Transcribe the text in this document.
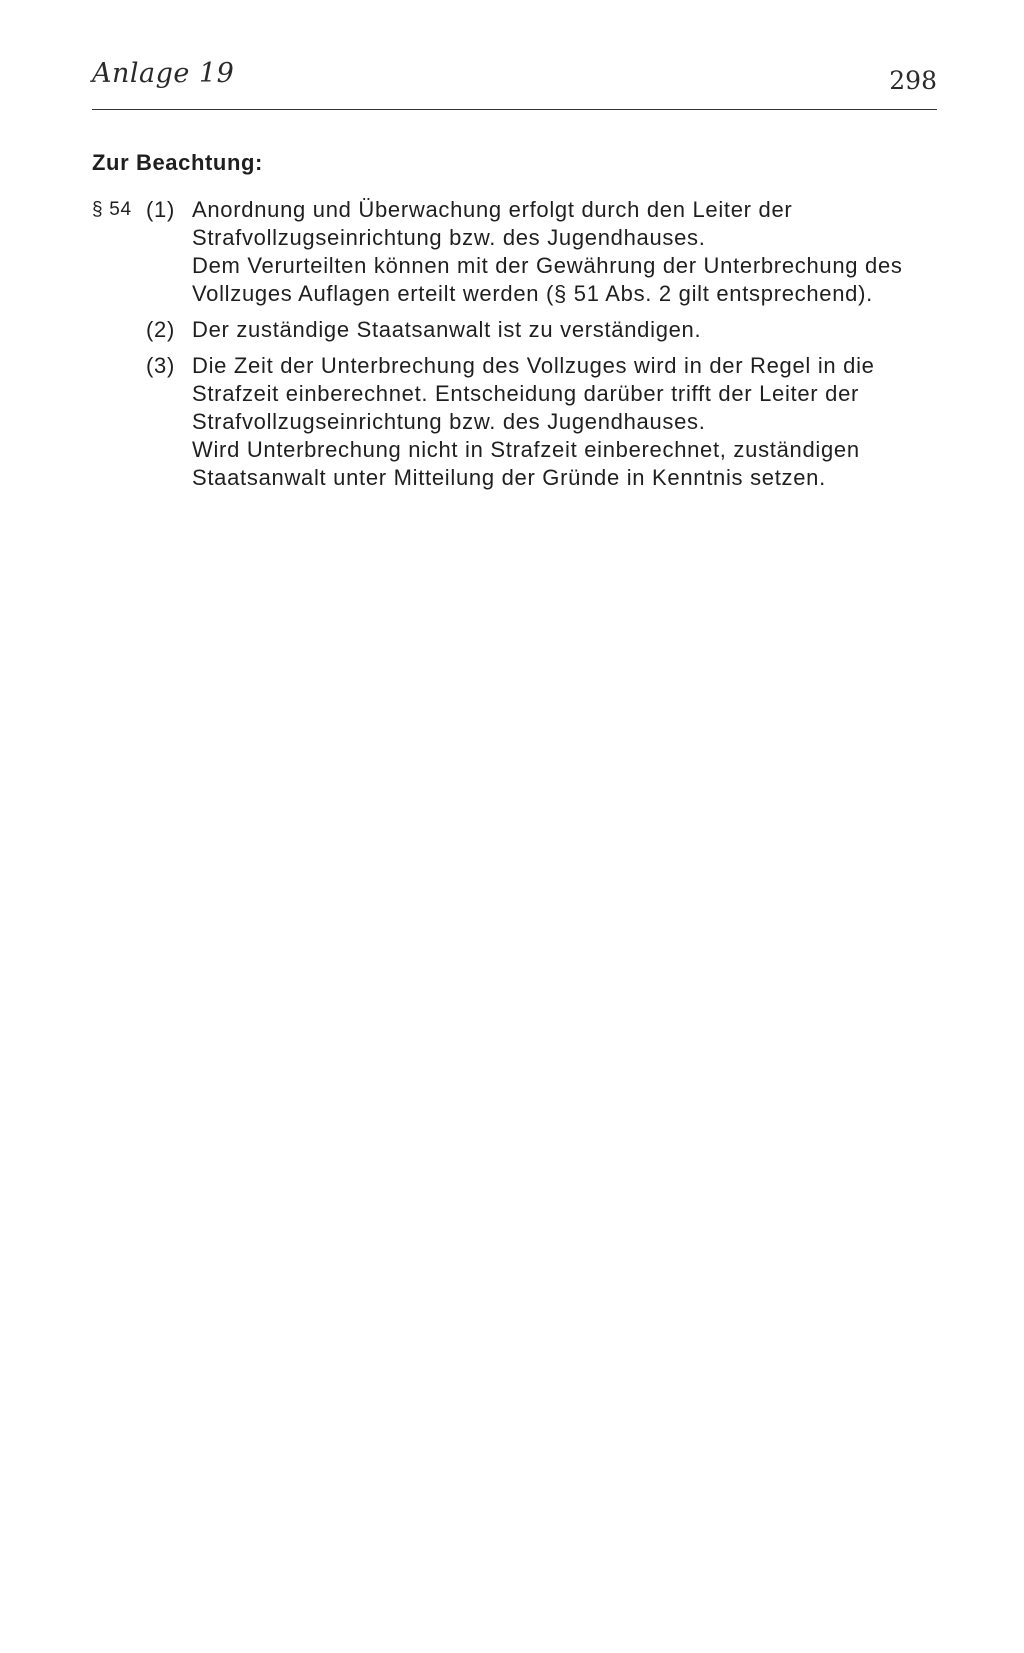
Anlage 19	298
Zur Beachtung:
§ 54 (1) Anordnung und Überwachung erfolgt durch den Leiter der Strafvollzugseinrichtung bzw. des Jugendhauses.

Dem Verurteilten können mit der Gewährung der Unterbrechung des Vollzuges Auflagen erteilt werden (§ 51 Abs. 2 gilt entsprechend).

(2) Der zuständige Staatsanwalt ist zu verständigen.

(3) Die Zeit der Unterbrechung des Vollzuges wird in der Regel in die Strafzeit einberechnet. Entscheidung darüber trifft der Leiter der Strafvollzugseinrichtung bzw. des Jugendhauses.

Wird Unterbrechung nicht in Strafzeit einberechnet, zuständigen Staatsanwalt unter Mitteilung der Gründe in Kenntnis setzen.
